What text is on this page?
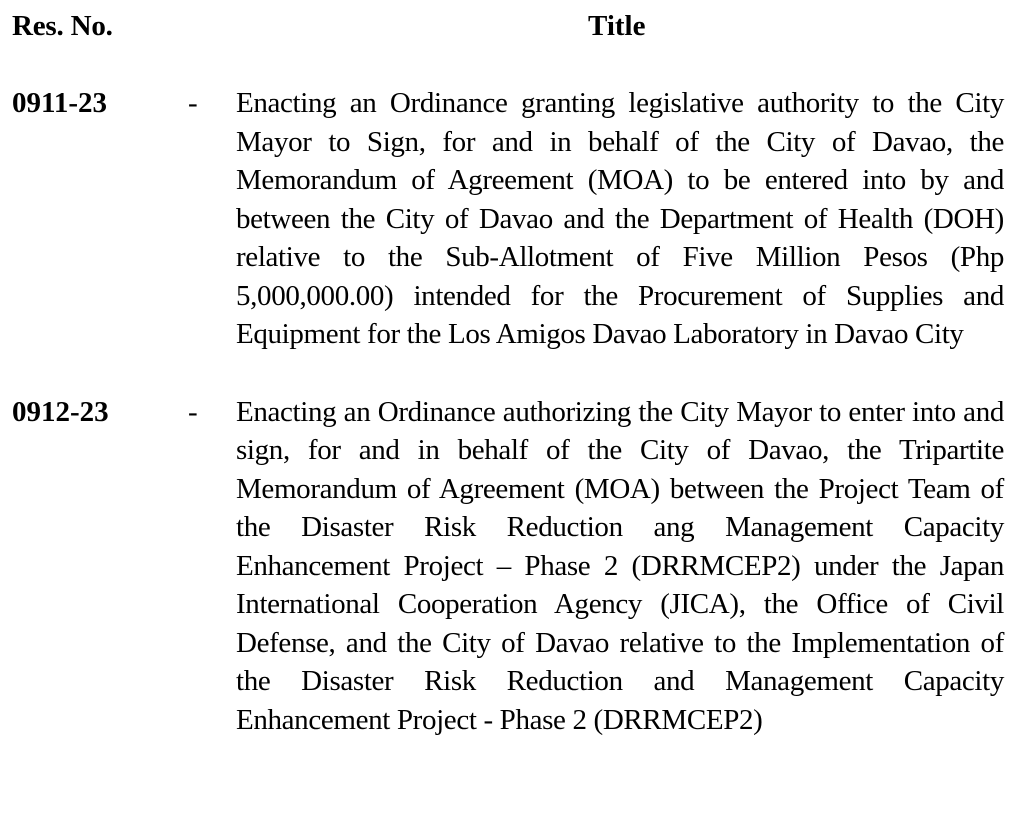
Res. No.	Title
0911-23	- Enacting an Ordinance granting legislative authority to the City Mayor to Sign, for and in behalf of the City of Davao, the Memorandum of Agreement (MOA) to be entered into by and between the City of Davao and the Department of Health (DOH) relative to the Sub-Allotment of Five Million Pesos (Php 5,000,000.00) intended for the Procurement of Supplies and Equipment for the Los Amigos Davao Laboratory in Davao City
0912-23	- Enacting an Ordinance authorizing the City Mayor to enter into and sign, for and in behalf of the City of Davao, the Tripartite Memorandum of Agreement (MOA) between the Project Team of the Disaster Risk Reduction ang Management Capacity Enhancement Project – Phase 2 (DRRMCEP2) under the Japan International Cooperation Agency (JICA), the Office of Civil Defense, and the City of Davao relative to the Implementation of the Disaster Risk Reduction and Management Capacity Enhancement Project - Phase 2 (DRRMCEP2)
